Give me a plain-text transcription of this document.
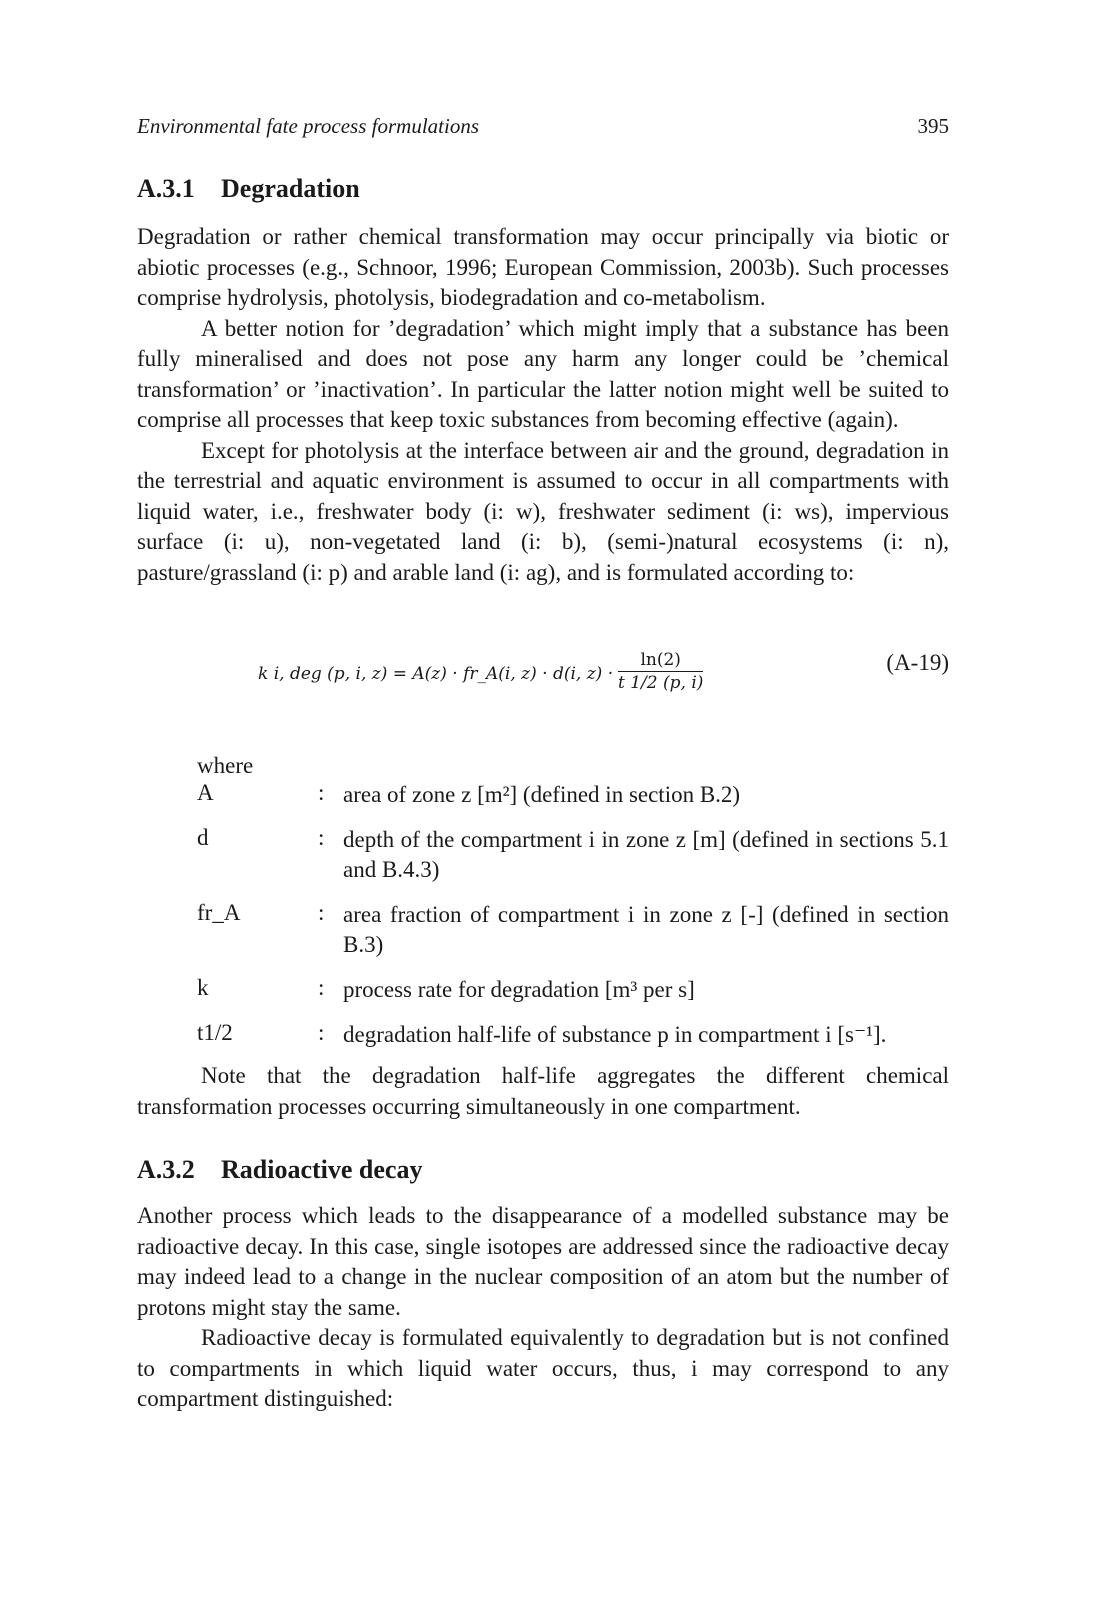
Environmental fate process formulations	395
A.3.1 Degradation

Degradation or rather chemical transformation may occur principally via biotic or abiotic processes (e.g., Schnoor, 1996; European Commission, 2003b). Such processes comprise hydrolysis, photolysis, biodegradation and co-metabolism.

A better notion for ’degradation’ which might imply that a substance has been fully mineralised and does not pose any harm any longer could be ’chemical transformation’ or ’inactivation’. In particular the latter notion might well be suited to comprise all processes that keep toxic substances from becoming effective (again).

Except for photolysis at the interface between air and the ground, degradation in the terrestrial and aquatic environment is assumed to occur in all compartments with liquid water, i.e., freshwater body (i: w), freshwater sediment (i: ws), impervious surface (i: u), non-vegetated land (i: b), (semi-)natural ecosystems (i: n), pasture/grassland (i: p) and arable land (i: ag), and is formulated according to:

k i, deg (p, i, z) = A(z) · fr_A(i, z) · d(i, $z) \cdot \frac{\ln(2)}{t 1/2 (p, i)}$	(A-19)
where
A	: area of zone z [m²] (defined in section B.2)
d	: depth of the compartment i in zone z [m] (defined in sections 5.1 and B.4.3)
fr_A	: area fraction of compartment i in zone z [-] (defined in section B.3)
k	: process rate for degradation [m³ per s]
t1/2	: degradation half-life of substance p in compartment i [s⁻¹].

Note that the degradation half-life aggregates the different chemical transformation processes occurring simultaneously in one compartment.

A.3.2 Radioactive decay

Another process which leads to the disappearance of a modelled substance may be radioactive decay. In this case, single isotopes are addressed since the radioactive decay may indeed lead to a change in the nuclear composition of an atom but the number of protons might stay the same.

Radioactive decay is formulated equivalently to degradation but is not confined to compartments in which liquid water occurs, thus, i may correspond to any compartment distinguished:
